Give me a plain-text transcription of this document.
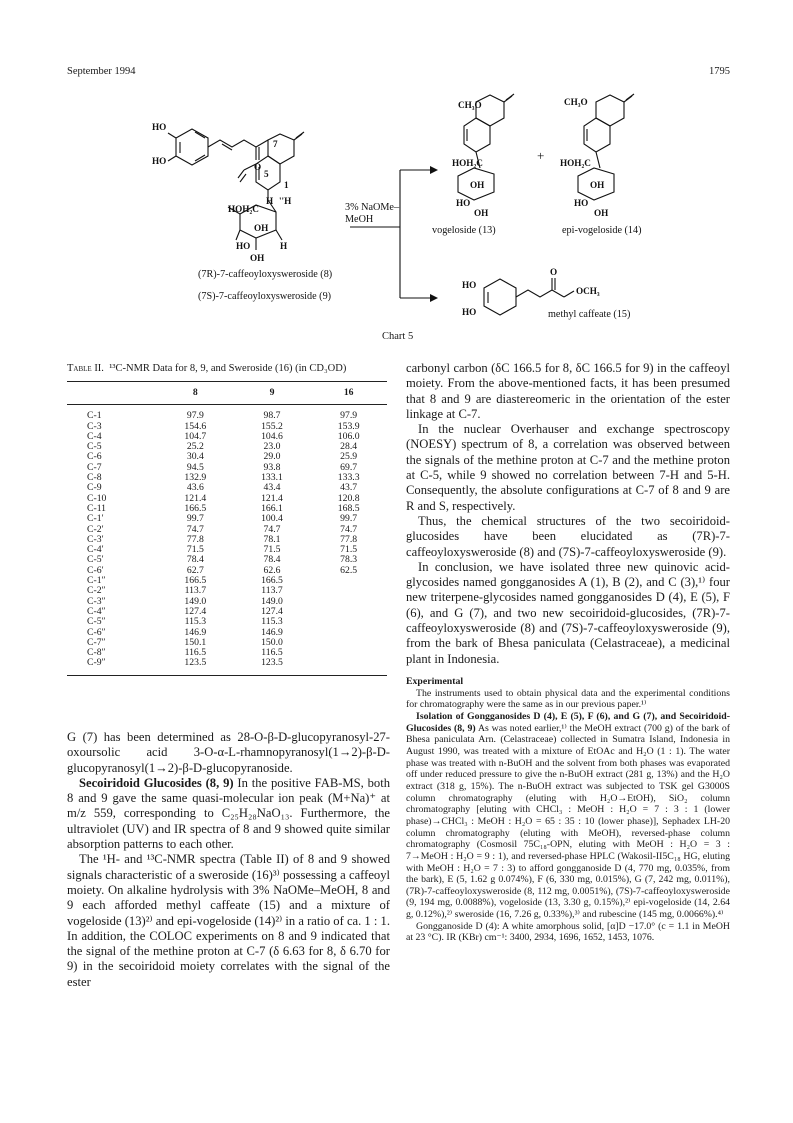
September 1994	1795
HO
HO
O
7
5
1
HOH₂C
H ''H
OH
HO	H
OH
CH₃O
HOH₂C
OH
HO
OH
+
CH₃O
HOH₂C
OH
HO
OH
HO
HO
O
OCH₃
3% NaOMe–
MeOH
(7R)-7-caffeoyloxysweroside (8)
(7S)-7-caffeoyloxysweroside (9)
vogeloside (13)	epi-vogeloside (14)
methyl caffeate (15)
Chart 5
Table II. ¹³C-NMR Data for 8, 9, and Sweroside (16) (in CD₃OD)
	8	9	16
C-1	97.9	98.7	97.9
C-3	154.6	155.2	153.9
C-4	104.7	104.6	106.0
C-5	25.2	23.0	28.4
C-6	30.4	29.0	25.9
C-7	94.5	93.8	69.7
C-8	132.9	133.1	133.3
C-9	43.6	43.4	43.7
C-10	121.4	121.4	120.8
C-11	166.5	166.1	168.5
C-1′	99.7	100.4	99.7
C-2′	74.7	74.7	74.7
C-3′	77.8	78.1	77.8
C-4′	71.5	71.5	71.5
C-5′	78.4	78.4	78.3
C-6′	62.7	62.6	62.5
C-1″	166.5	166.5	
C-2″	113.7	113.7	
C-3″	149.0	149.0	
C-4″	127.4	127.4	
C-5″	115.3	115.3	
C-6″	146.9	146.9	
C-7″	150.1	150.0	
C-8″	116.5	116.5	
C-9″	123.5	123.5	

G (7) has been determined as 28-O-β-D-glucopyranosyl-27-oxoursolic acid 3-O-α-L-rhamnopyranosyl(1→2)-β-D-glucopyranosyl(1→2)-β-D-glucopyranoside.

Secoiridoid Glucosides (8, 9) In the positive FAB-MS, both 8 and 9 gave the same quasi-molecular ion peak (M+Na)⁺ at m/z 559, corresponding to C₂₅H₂₈NaO₁₃. Furthermore, the ultraviolet (UV) and IR spectra of 8 and 9 showed quite similar absorption patterns to each other.

The ¹H- and ¹³C-NMR spectra (Table II) of 8 and 9 showed signals characteristic of a sweroside (16)³⁾ possessing a caffeoyl moiety. On alkaline hydrolysis with 3% NaOMe–MeOH, 8 and 9 each afforded methyl caffeate (15) and a mixture of vogeloside (13)²⁾ and epi-vogeloside (14)²⁾ in a ratio of ca. 1 : 1. In addition, the COLOC experiments on 8 and 9 indicated that the signal of the methine proton at C-7 (δ 6.63 for 8, δ 6.70 for 9) in the secoiridoid moiety correlates with the signal of the ester

carbonyl carbon (δC 166.5 for 8, δC 166.5 for 9) in the caffeoyl moiety. From the above-mentioned facts, it has been presumed that 8 and 9 are diastereomeric in the orientation of the ester linkage at C-7.

In the nuclear Overhauser and exchange spectroscopy (NOESY) spectrum of 8, a correlation was observed between the signals of the methine proton at C-7 and the methine proton at C-5, while 9 showed no correlation between 7-H and 5-H. Consequently, the absolute configurations at C-7 of 8 and 9 are R and S, respectively.

Thus, the chemical structures of the two secoiridoid-glucosides have been elucidated as (7R)-7-caffeoyloxysweroside (8) and (7S)-7-caffeoyloxysweroside (9).

In conclusion, we have isolated three new quinovic acid-glycosides named gongganosides A (1), B (2), and C (3),¹⁾ four new triterpene-glycosides named gongganosides D (4), E (5), F (6), and G (7), and two new secoiridoid-glucosides, (7R)-7-caffeoyloxysweroside (8) and (7S)-7-caffeoyloxysweroside (9), from the bark of Bhesa paniculata (Celastraceae), a medicinal plant in Indonesia.

Experimental

The instruments used to obtain physical data and the experimental conditions for chromatography were the same as in our previous paper.¹⁾

Isolation of Gongganosides D (4), E (5), F (6), and G (7), and Secoiridoid-Glucosides (8, 9) As was noted earlier,¹⁾ the MeOH extract (700 g) of the bark of Bhesa paniculata Arn. (Celastraceae) collected in Sumatra Island, Indonesia in August 1990, was treated with a mixture of EtOAc and H₂O (1 : 1). The water phase was treated with n-BuOH and the solvent from both phases was evaporated off under reduced pressure to give the n-BuOH extract (281 g, 13%) and the H₂O extract (318 g, 15%). The n-BuOH extract was subjected to TSK gel G3000S column chromatography (eluting with H₂O→EtOH), SiO₂ column chromatography [eluting with CHCl₃ : MeOH : H₂O = 7 : 3 : 1 (lower phase)→CHCl₃ : MeOH : H₂O = 65 : 35 : 10 (lower phase)], Sephadex LH-20 column chromatography (eluting with MeOH), reversed-phase column chromatography (Cosmosil 75C₁₈-OPN, eluting with MeOH : H₂O = 3 : 7→MeOH : H₂O = 9 : 1), and reversed-phase HPLC (Wakosil-II5C₁₈ HG, eluting with MeOH : H₂O = 7 : 3) to afford gongganoside D (4, 770 mg, 0.035%, from the bark), E (5, 1.62 g 0.074%), F (6, 330 mg, 0.015%), G (7, 242 mg, 0.011%), (7R)-7-caffeoyloxysweroside (8, 112 mg, 0.0051%), (7S)-7-caffeoyloxysweroside (9, 194 mg, 0.0088%), vogeloside (13, 3.30 g, 0.15%),²⁾ epi-vogeloside (14, 2.64 g, 0.12%),²⁾ sweroside (16, 7.26 g, 0.33%),³⁾ and rubescine (145 mg, 0.0066%).⁴⁾

Gongganoside D (4): A white amorphous solid, [α]D −17.0° (c = 1.1 in MeOH at 23 °C). IR (KBr) cm⁻¹: 3400, 2934, 1696, 1652, 1453, 1076.
